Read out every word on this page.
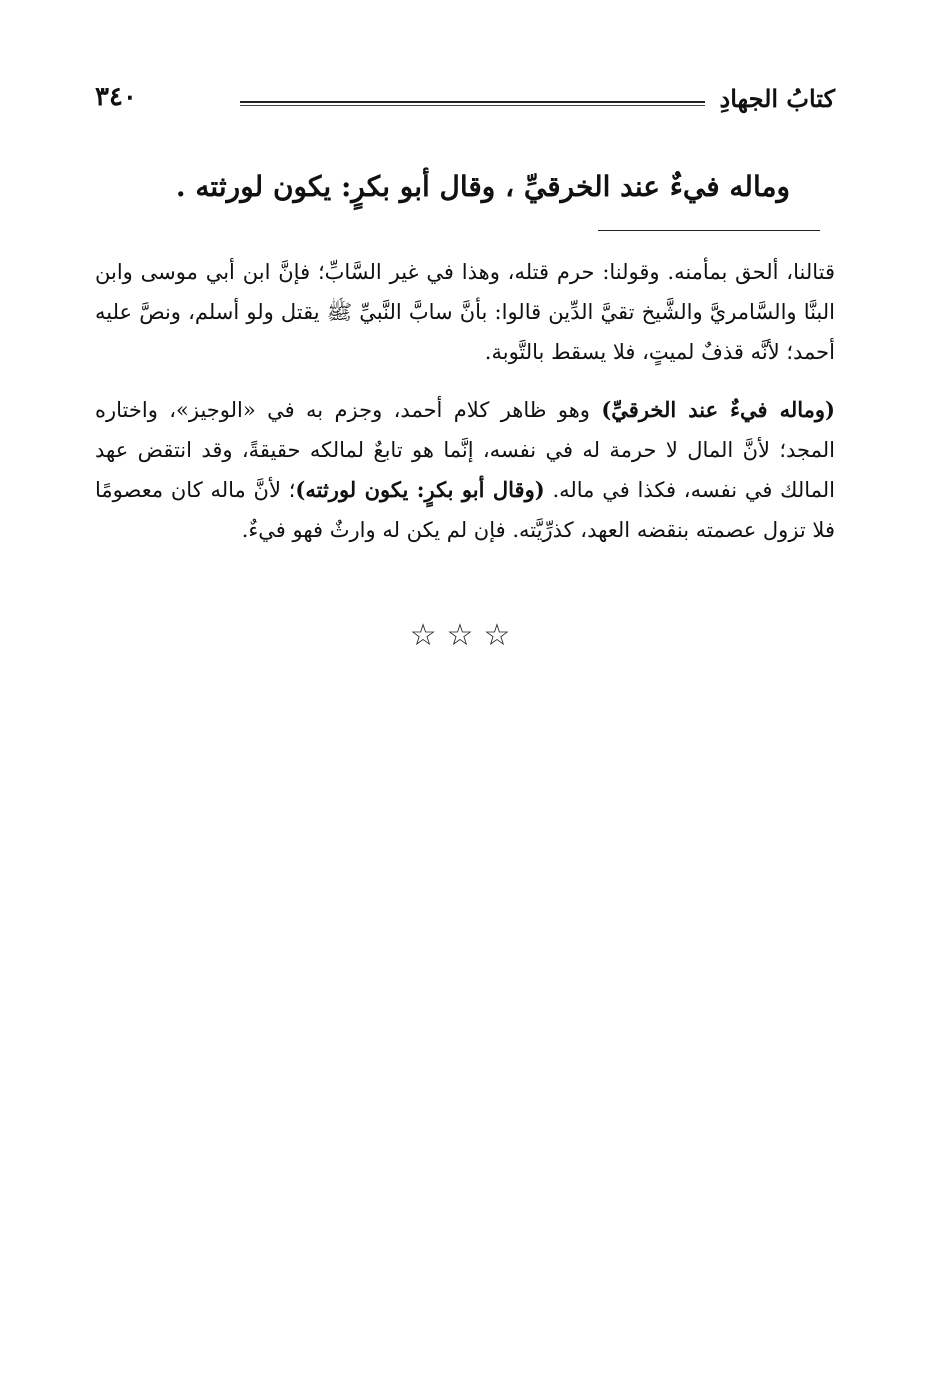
كتابُ الجهادِ
٣٤٠
وماله فيءٌ عند الخرقيِّ ، وقال أبو بكرٍ: يكون لورثته .
قتالنا، ألحق بمأمنه. وقولنا: حرم قتله، وهذا في غير السَّابِّ؛ فإنَّ ابن أبي موسى وابن البنَّا والسَّامريَّ والشَّيخ تقيَّ الدِّين قالوا: بأنَّ سابَّ النَّبيِّ ﷺ يقتل ولو أسلم، ونصَّ عليه أحمد؛ لأنَّه قذفٌ لميتٍ، فلا يسقط بالتَّوبة.
(وماله فيءٌ عند الخرقيِّ) وهو ظاهر كلام أحمد، وجزم به في «الوجيز»، واختاره المجد؛ لأنَّ المال لا حرمة له في نفسه، إنَّما هو تابعٌ لمالكه حقيقةً، وقد انتقض عهد المالك في نفسه، فكذا في ماله. (وقال أبو بكرٍ: يكون لورثته)؛ لأنَّ ماله كان معصومًا فلا تزول عصمته بنقضه العهد، كذرِّيَّته. فإن لم يكن له وارثٌ فهو فيءٌ.
☆☆☆
